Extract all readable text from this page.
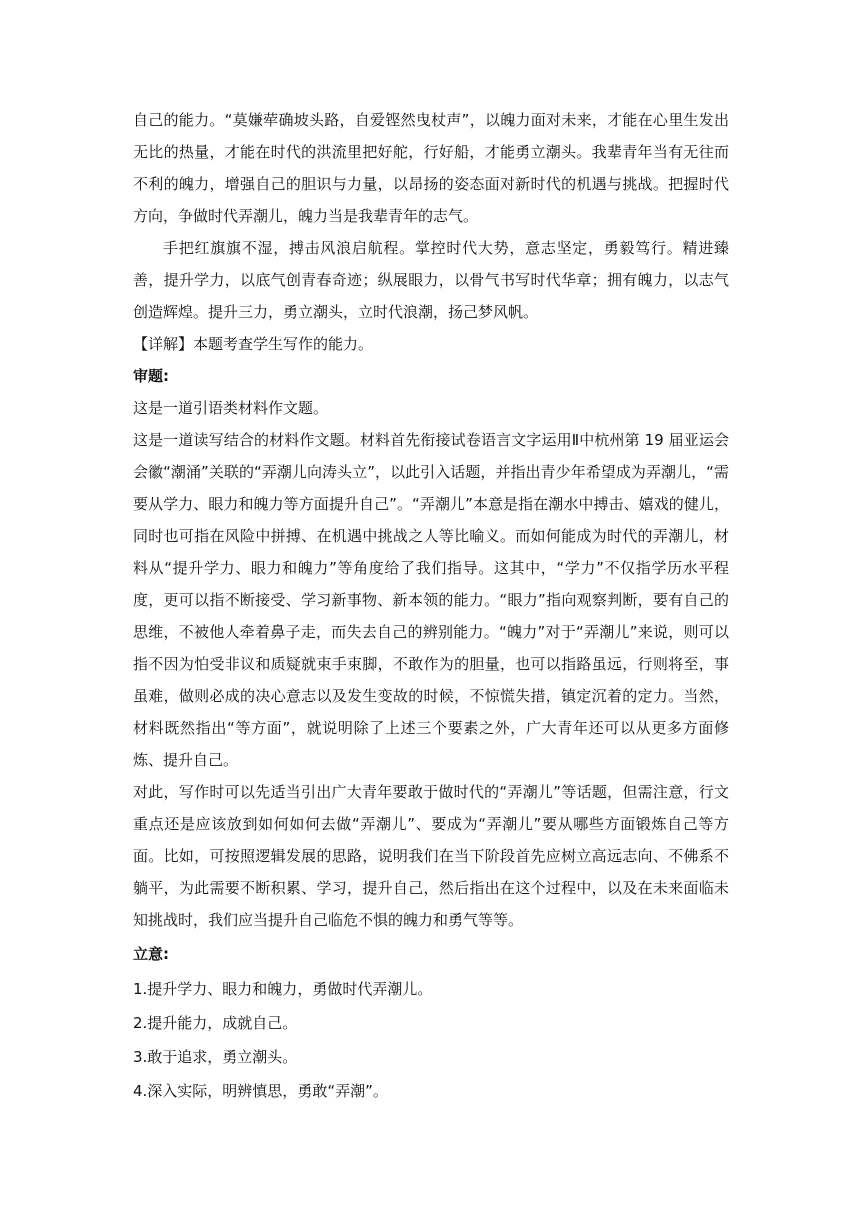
自己的能力。“莫嫌荦确坡头路，自爱铿然曳杖声”，以魄力面对未来，才能在心里生发出无比的热量，才能在时代的洪流里把好舵，行好船，才能勇立潮头。我辈青年当有无往而不利的魄力，增强自己的胆识与力量，以昂扬的姿态面对新时代的机遇与挑战。把握时代方向，争做时代弄潮儿，魄力当是我辈青年的志气。

手把红旗旗不湿，搏击风浪启航程。掌控时代大势，意志坚定，勇毅笃行。精进臻善，提升学力，以底气创青春奇迹；纵展眼力，以骨气书写时代华章；拥有魄力，以志气创造辉煌。提升三力，勇立潮头，立时代浪潮，扬己梦风帆。

【详解】本题考查学生写作的能力。

审题:

这是一道引语类材料作文题。

这是一道读写结合的材料作文题。材料首先衔接试卷语言文字运用Ⅱ中杭州第 19 届亚运会会徽“潮涌”关联的“弄潮儿向涛头立”，以此引入话题，并指出青少年希望成为弄潮儿，“需要从学力、眼力和魄力等方面提升自己”。“弄潮儿”本意是指在潮水中搏击、嬉戏的健儿，同时也可指在风险中拼搏、在机遇中挑战之人等比喻义。而如何能成为时代的弄潮儿，材料从“提升学力、眼力和魄力”等角度给了我们指导。这其中，“学力”不仅指学历水平程度，更可以指不断接受、学习新事物、新本领的能力。“眼力”指向观察判断，要有自己的思维，不被他人牵着鼻子走，而失去自己的辨别能力。“魄力”对于“弄潮儿”来说，则可以指不因为怕受非议和质疑就束手束脚，不敢作为的胆量，也可以指路虽远，行则将至，事虽难，做则必成的决心意志以及发生变故的时候，不惊慌失措，镇定沉着的定力。当然，材料既然指出“等方面”，就说明除了上述三个要素之外，广大青年还可以从更多方面修炼、提升自己。

对此，写作时可以先适当引出广大青年要敢于做时代的“弄潮儿”等话题，但需注意，行文重点还是应该放到如何如何去做“弄潮儿”、要成为“弄潮儿”要从哪些方面锻炼自己等方面。比如，可按照逻辑发展的思路，说明我们在当下阶段首先应树立高远志向、不佛系不躺平，为此需要不断积累、学习，提升自己，然后指出在这个过程中，以及在未来面临未知挑战时，我们应当提升自己临危不惧的魄力和勇气等等。

立意:

1.提升学力、眼力和魄力，勇做时代弄潮儿。

2.提升能力，成就自己。

3.敢于追求，勇立潮头。

4.深入实际，明辨慎思，勇敢“弄潮”。
